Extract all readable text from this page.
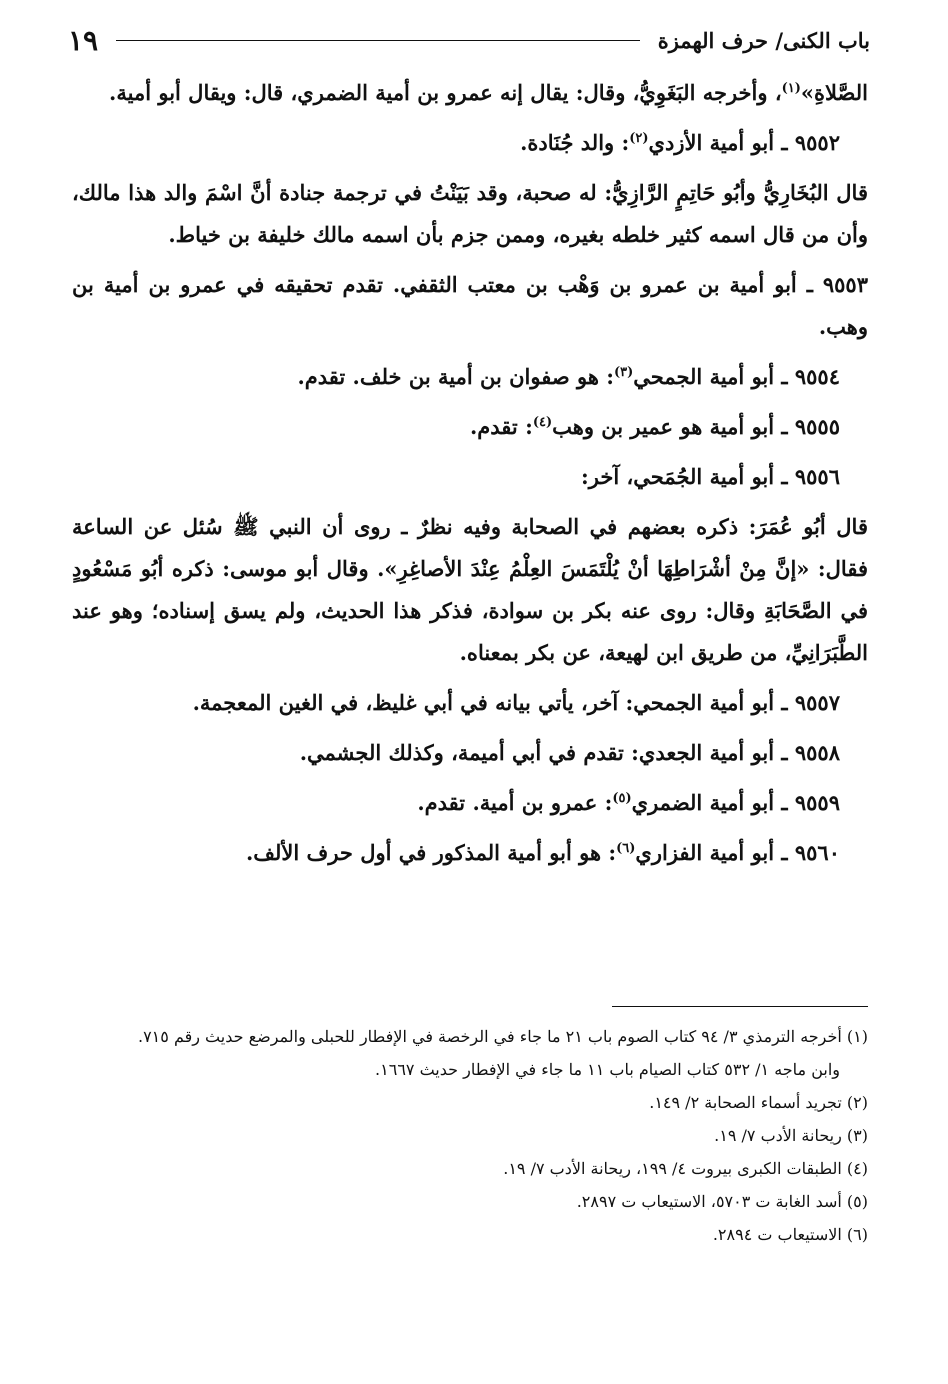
باب الكنى/ حرف الهمزة
١٩

الصَّلاةِ»$^{(١)}$، وأخرجه البَغَوِيُّ، وقال: يقال إنه عمرو بن أمية الضمري، قال: ويقال أبو أمية.

٩٥٥٢ ـ أبو أمية الأزدي$^{(٢)}$: والد جُنَادة.

قال البُخَارِيُّ وأبُو حَاتِمٍ الرَّازِيُّ: له صحبة، وقد بَيَنْتُ في ترجمة جنادة أنَّ اسْمَ والد هذا مالك، وأن من قال اسمه كثير خلطه بغيره، وممن جزم بأن اسمه مالك خليفة بن خياط.

٩٥٥٣ ـ أبو أمية بن عمرو بن وَهْب بن معتب الثقفي. تقدم تحقيقه في عمرو بن أمية بن وهب.

٩٥٥٤ ـ أبو أمية الجمحي$^{(٣)}$: هو صفوان بن أمية بن خلف. تقدم.

٩٥٥٥ ـ أبو أمية هو عمير بن وهب$^{(٤)}$: تقدم.

٩٥٥٦ ـ أبو أمية الجُمَحي، آخر:

قال أبُو عُمَرَ: ذكره بعضهم في الصحابة وفيه نظرٌ ـ روى أن النبي ﷺ سُئل عن الساعة فقال: «إنَّ مِنْ أشْرَاطِهَا أنْ يُلْتَمَسَ العِلْمُ عِنْدَ الأصاغِرِ». وقال أبو موسى: ذكره أبُو مَسْعُودٍ في الصَّحَابَةِ وقال: روى عنه بكر بن سوادة، فذكر هذا الحديث، ولم يسق إسناده؛ وهو عند الطَّبَرَانِيِّ، من طريق ابن لهيعة، عن بكر بمعناه.

٩٥٥٧ ـ أبو أمية الجمحي: آخر، يأتي بيانه في أبي غليظ، في الغين المعجمة.

٩٥٥٨ ـ أبو أمية الجعدي: تقدم في أبي أميمة، وكذلك الجشمي.

٩٥٥٩ ـ أبو أمية الضمري$^{(٥)}$: عمرو بن أمية. تقدم.

٩٥٦٠ ـ أبو أمية الفزاري$^{(٦)}$: هو أبو أمية المذكور في أول حرف الألف.

(١) أخرجه الترمذي ٣/ ٩٤ كتاب الصوم باب ٢١ ما جاء في الرخصة في الإفطار للحبلى والمرضع حديث رقم ٧١٥.

وابن ماجه ١/ ٥٣٢ كتاب الصيام باب ١١ ما جاء في الإفطار حديث ١٦٦٧.

(٢) تجريد أسماء الصحابة ٢/ ١٤٩.

(٣) ريحانة الأدب ٧/ ١٩.

(٤) الطبقات الكبرى بيروت ٤/ ١٩٩، ريحانة الأدب ٧/ ١٩.

(٥) أسد الغابة ت ٥٧٠٣، الاستيعاب ت ٢٨٩٧.

(٦) الاستيعاب ت ٢٨٩٤.
